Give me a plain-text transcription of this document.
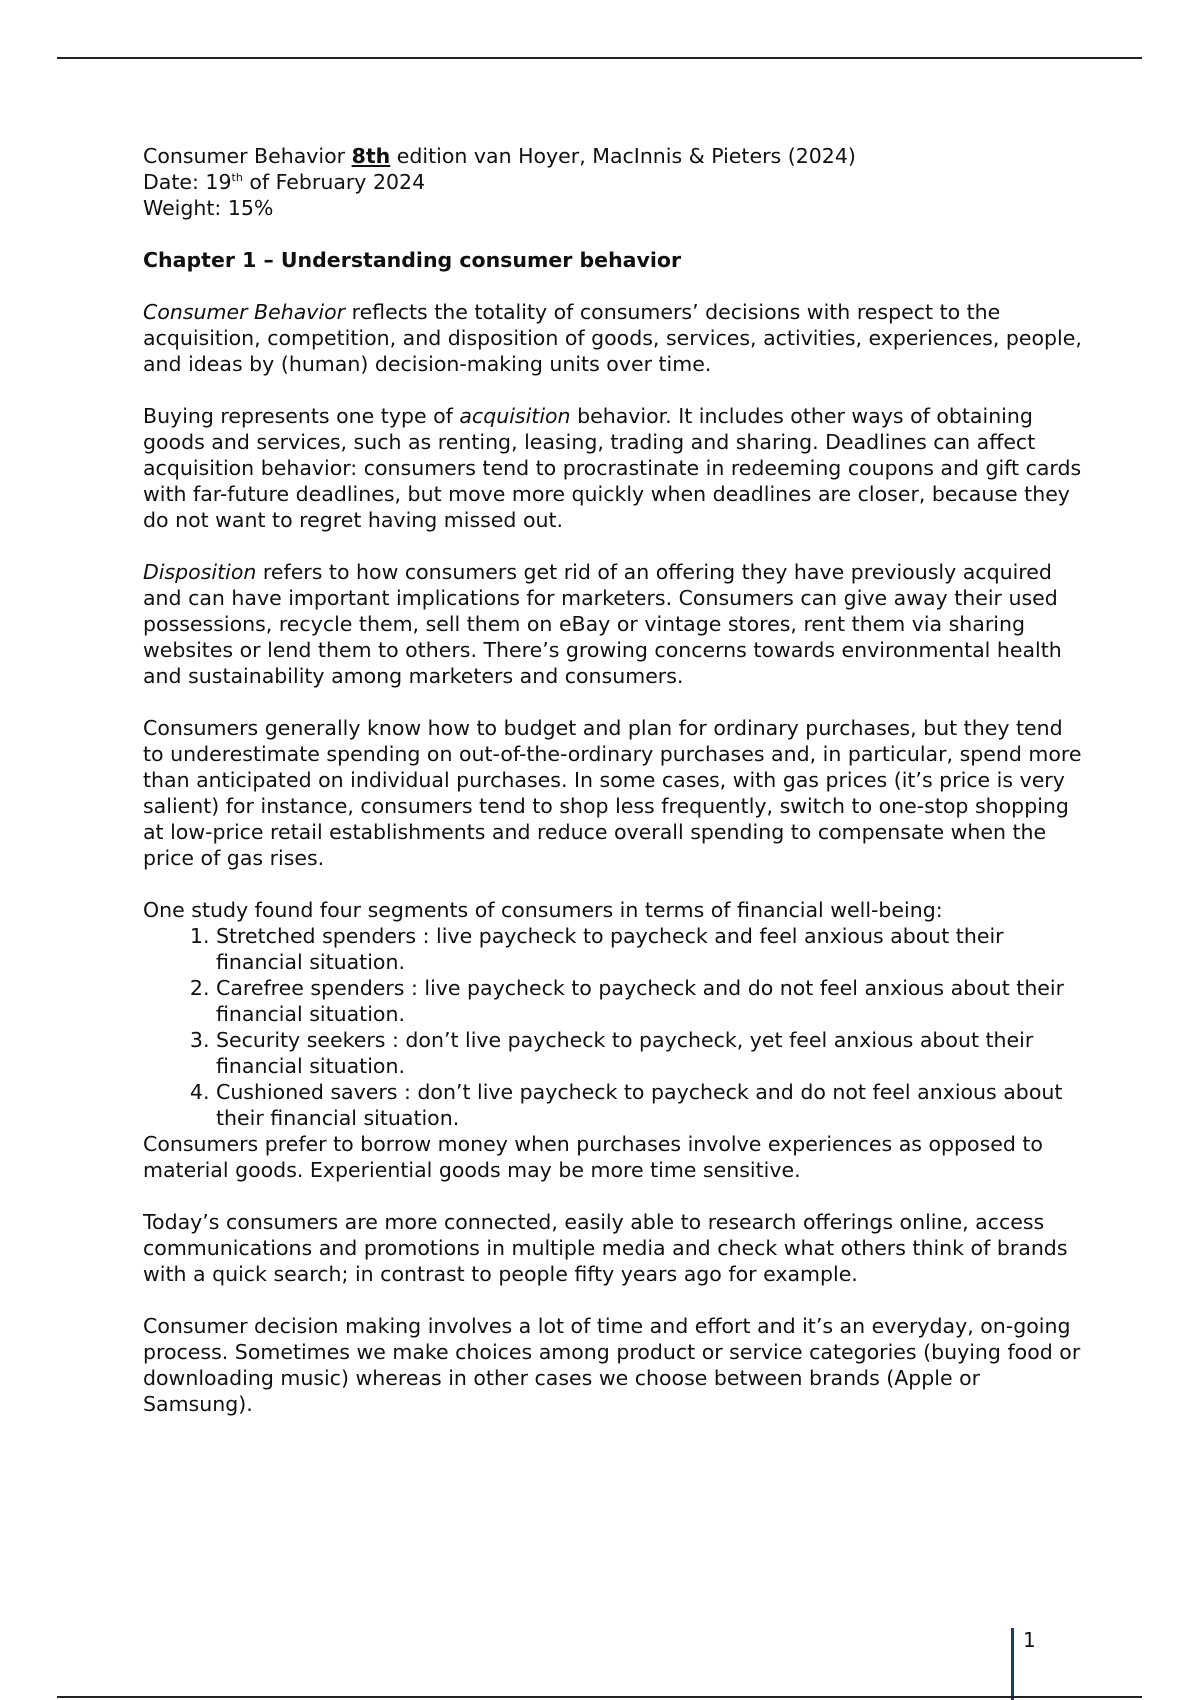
Consumer Behavior 8th edition van Hoyer, MacInnis & Pieters (2024)
Date: 19th of February 2024
Weight: 15%

Chapter 1 – Understanding consumer behavior

Consumer Behavior reflects the totality of consumers’ decisions with respect to the acquisition, competition, and disposition of goods, services, activities, experiences, people, and ideas by (human) decision-making units over time.

Buying represents one type of acquisition behavior. It includes other ways of obtaining goods and services, such as renting, leasing, trading and sharing. Deadlines can affect acquisition behavior: consumers tend to procrastinate in redeeming coupons and gift cards with far-future deadlines, but move more quickly when deadlines are closer, because they do not want to regret having missed out.

Disposition refers to how consumers get rid of an offering they have previously acquired and can have important implications for marketers. Consumers can give away their used possessions, recycle them, sell them on eBay or vintage stores, rent them via sharing websites or lend them to others. There’s growing concerns towards environmental health and sustainability among marketers and consumers.

Consumers generally know how to budget and plan for ordinary purchases, but they tend to underestimate spending on out-of-the-ordinary purchases and, in particular, spend more than anticipated on individual purchases. In some cases, with gas prices (it’s price is very salient) for instance, consumers tend to shop less frequently, switch to one-stop shopping at low-price retail establishments and reduce overall spending to compensate when the price of gas rises.

One study found four segments of consumers in terms of financial well-being:

1. Stretched spenders : live paycheck to paycheck and feel anxious about their financial situation.
2. Carefree spenders : live paycheck to paycheck and do not feel anxious about their financial situation.
3. Security seekers : don’t live paycheck to paycheck, yet feel anxious about their financial situation.
4. Cushioned savers : don’t live paycheck to paycheck and do not feel anxious about their financial situation.

Consumers prefer to borrow money when purchases involve experiences as opposed to material goods. Experiential goods may be more time sensitive.

Today’s consumers are more connected, easily able to research offerings online, access communications and promotions in multiple media and check what others think of brands with a quick search; in contrast to people fifty years ago for example.

Consumer decision making involves a lot of time and effort and it’s an everyday, on-going process. Sometimes we make choices among product or service categories (buying food or downloading music) whereas in other cases we choose between brands (Apple or Samsung).

1
